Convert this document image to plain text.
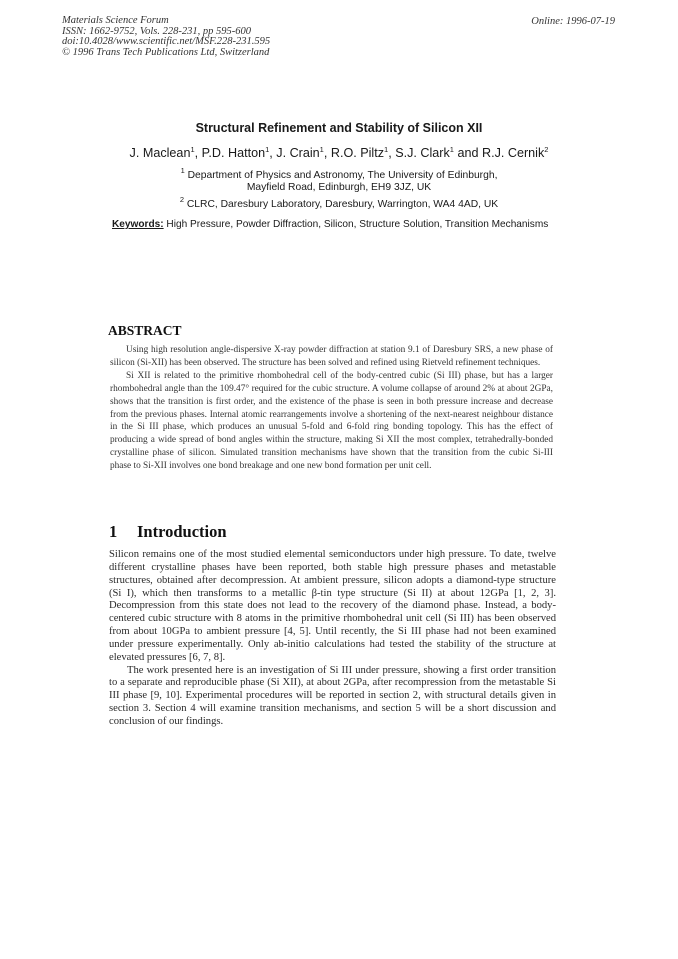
Materials Science Forum
ISSN: 1662-9752, Vols. 228-231, pp 595-600
doi:10.4028/www.scientific.net/MSF.228-231.595
© 1996 Trans Tech Publications Ltd, Switzerland
Online: 1996-07-19
Structural Refinement and Stability of Silicon XII
J. Maclean$^1$, P.D. Hatton$^1$, J. Crain$^1$, R.O. Piltz$^1$, S.J. Clark$^1$ and R.J. Cernik$^2$
$^1$ Department of Physics and Astronomy, The University of Edinburgh,
Mayfield Road, Edinburgh, EH9 3JZ, UK
$^2$ CLRC, Daresbury Laboratory, Daresbury, Warrington, WA4 4AD, UK
Keywords: High Pressure, Powder Diffraction, Silicon, Structure Solution, Transition Mechanisms
ABSTRACT

Using high resolution angle-dispersive X-ray powder diffraction at station 9.1 of Daresbury SRS, a new phase of silicon (Si-XII) has been observed. The structure has been solved and refined using Rietveld refinement techniques.

Si XII is related to the primitive rhombohedral cell of the body-centred cubic (Si III) phase, but has a larger rhombohedral angle than the 109.47° required for the cubic structure. A volume collapse of around 2% at about 2GPa, shows that the transition is first order, and the existence of the phase is seen in both pressure increase and decrease from the previous phases. Internal atomic rearrangements involve a shortening of the next-nearest neighbour distance in the Si III phase, which produces an unusual 5-fold and 6-fold ring bonding topology. This has the effect of producing a wide spread of bond angles within the structure, making Si XII the most complex, tetrahedrally-bonded crystalline phase of silicon. Simulated transition mechanisms have shown that the transition from the cubic Si-III phase to Si-XII involves one bond breakage and one new bond formation per unit cell.

1 Introduction

Silicon remains one of the most studied elemental semiconductors under high pressure. To date, twelve different crystalline phases have been reported, both stable high pressure phases and metastable structures, obtained after decompression. At ambient pressure, silicon adopts a diamond-type structure (Si I), which then transforms to a metallic β-tin type structure (Si II) at about 12GPa [1, 2, 3]. Decompression from this state does not lead to the recovery of the diamond phase. Instead, a body-centered cubic structure with 8 atoms in the primitive rhombohedral unit cell (Si III) has been observed from about 10GPa to ambient pressure [4, 5]. Until recently, the Si III phase had not been examined under pressure experimentally. Only ab-initio calculations had tested the stability of the structure at elevated pressures [6, 7, 8].

The work presented here is an investigation of Si III under pressure, showing a first order transition to a separate and reproducible phase (Si XII), at about 2GPa, after recompression from the metastable Si III phase [9, 10]. Experimental procedures will be reported in section 2, with structural details given in section 3. Section 4 will examine transition mechanisms, and section 5 will be a short discussion and conclusion of our findings.
